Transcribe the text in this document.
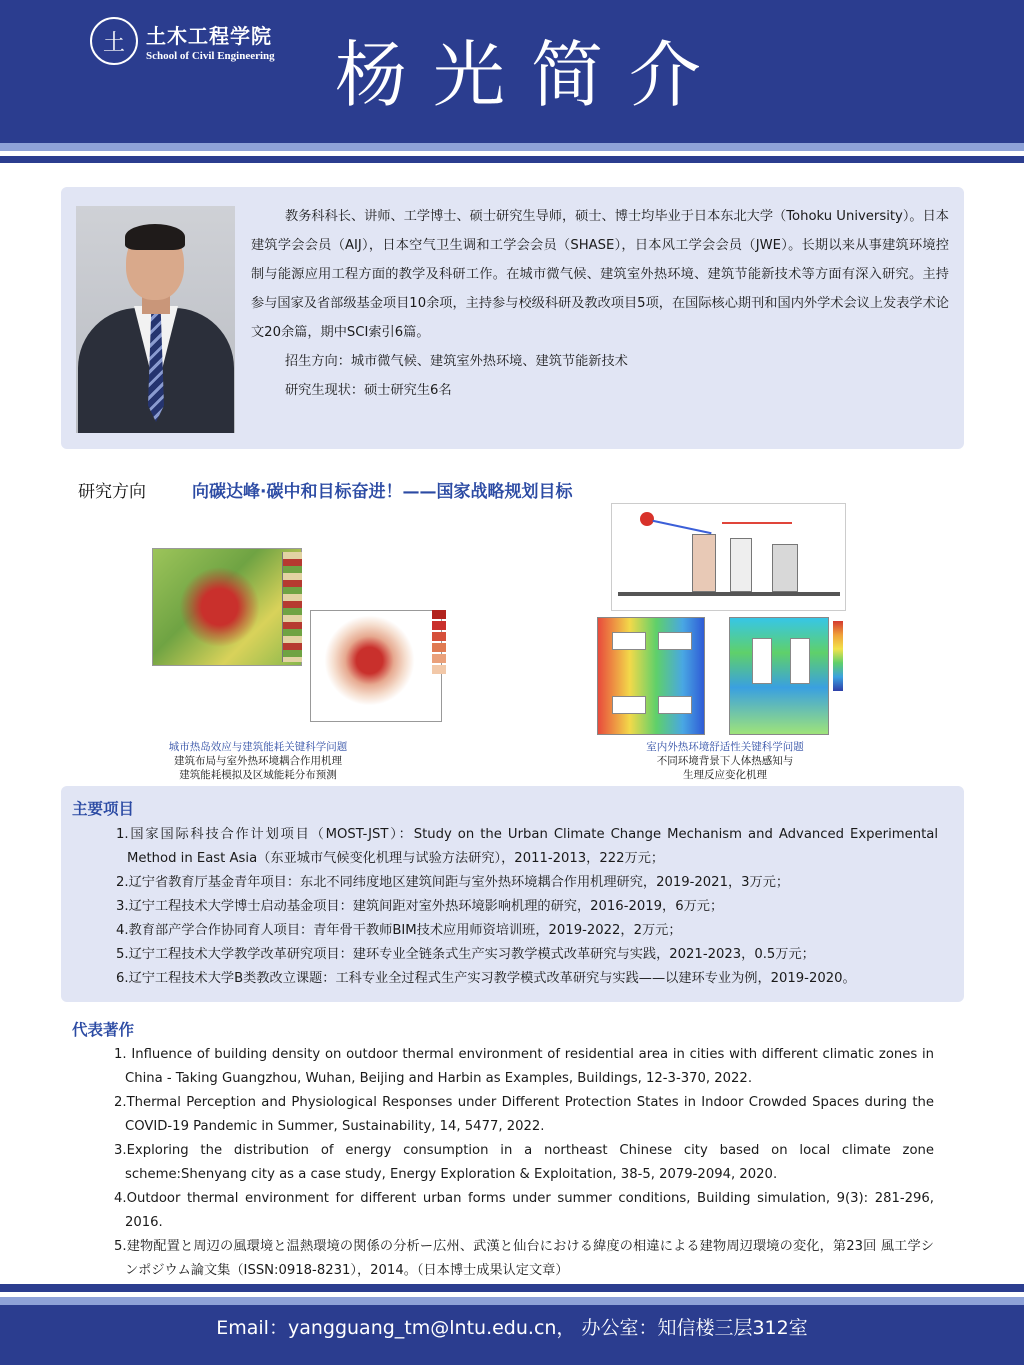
土	土木工程学院
School of Civil Engineering 杨光简介

教务科科长、讲师、工学博士、硕士研究生导师，硕士、博士均毕业于日本东北大学（Tohoku University）。日本建筑学会会员（AIJ），日本空气卫生调和工学会会员（SHASE），日本风工学会会员（JWE）。长期以来从事建筑环境控制与能源应用工程方面的教学及科研工作。在城市微气候、建筑室外热环境、建筑节能新技术等方面有深入研究。主持参与国家及省部级基金项目10余项，主持参与校级科研及教改项目5项，在国际核心期刊和国内外学术会议上发表学术论文20余篇，期中SCI索引6篇。

招生方向：城市微气候、建筑室外热环境、建筑节能新技术

研究生现状：硕士研究生6名

研究方向	向碳达峰·碳中和目标奋进！——国家战略规划目标
城市热岛效应与建筑能耗关键科学问题
建筑布局与室外热环境耦合作用机理
建筑能耗模拟及区域能耗分布预测
室内外热环境舒适性关键科学问题
不同环境背景下人体热感知与
生理反应变化机理
主要项目

1.国家国际科技合作计划项目（MOST-JST）：Study on the Urban Climate Change Mechanism and Advanced Experimental Method in East Asia（东亚城市气候变化机理与试验方法研究），2011-2013，222万元；

2.辽宁省教育厅基金青年项目：东北不同纬度地区建筑间距与室外热环境耦合作用机理研究，2019-2021，3万元；

3.辽宁工程技术大学博士启动基金项目：建筑间距对室外热环境影响机理的研究，2016-2019，6万元；

4.教育部产学合作协同育人项目：青年骨干教师BIM技术应用师资培训班，2019-2022，2万元；

5.辽宁工程技术大学教学改革研究项目：建环专业全链条式生产实习教学模式改革研究与实践，2021-2023，0.5万元；

6.辽宁工程技术大学B类教改立课题：工科专业全过程式生产实习教学模式改革研究与实践——以建环专业为例，2019-2020。

代表著作

1. Influence of building density on outdoor thermal environment of residential area in cities with different climatic zones in China - Taking Guangzhou, Wuhan, Beijing and Harbin as Examples, Buildings, 12-3-370, 2022.

2.Thermal Perception and Physiological Responses under Different Protection States in Indoor Crowded Spaces during the COVID-19 Pandemic in Summer, Sustainability, 14, 5477, 2022.

3.Exploring the distribution of energy consumption in a northeast Chinese city based on local climate zone scheme:Shenyang city as a case study, Energy Exploration & Exploitation, 38-5, 2079-2094, 2020.

4.Outdoor thermal environment for different urban forms under summer conditions, Building simulation, 9(3): 281-296, 2016.

5.建物配置と周辺の風環境と温熱環境の関係の分析ー広州、武漢と仙台における緯度の相違による建物周辺環境の変化，第23回 風工学シンポジウム論文集（ISSN:0918-8231），2014。（日本博士成果认定文章）

Email：yangguang_tm@lntu.edu.cn， 办公室：知信楼三层312室
